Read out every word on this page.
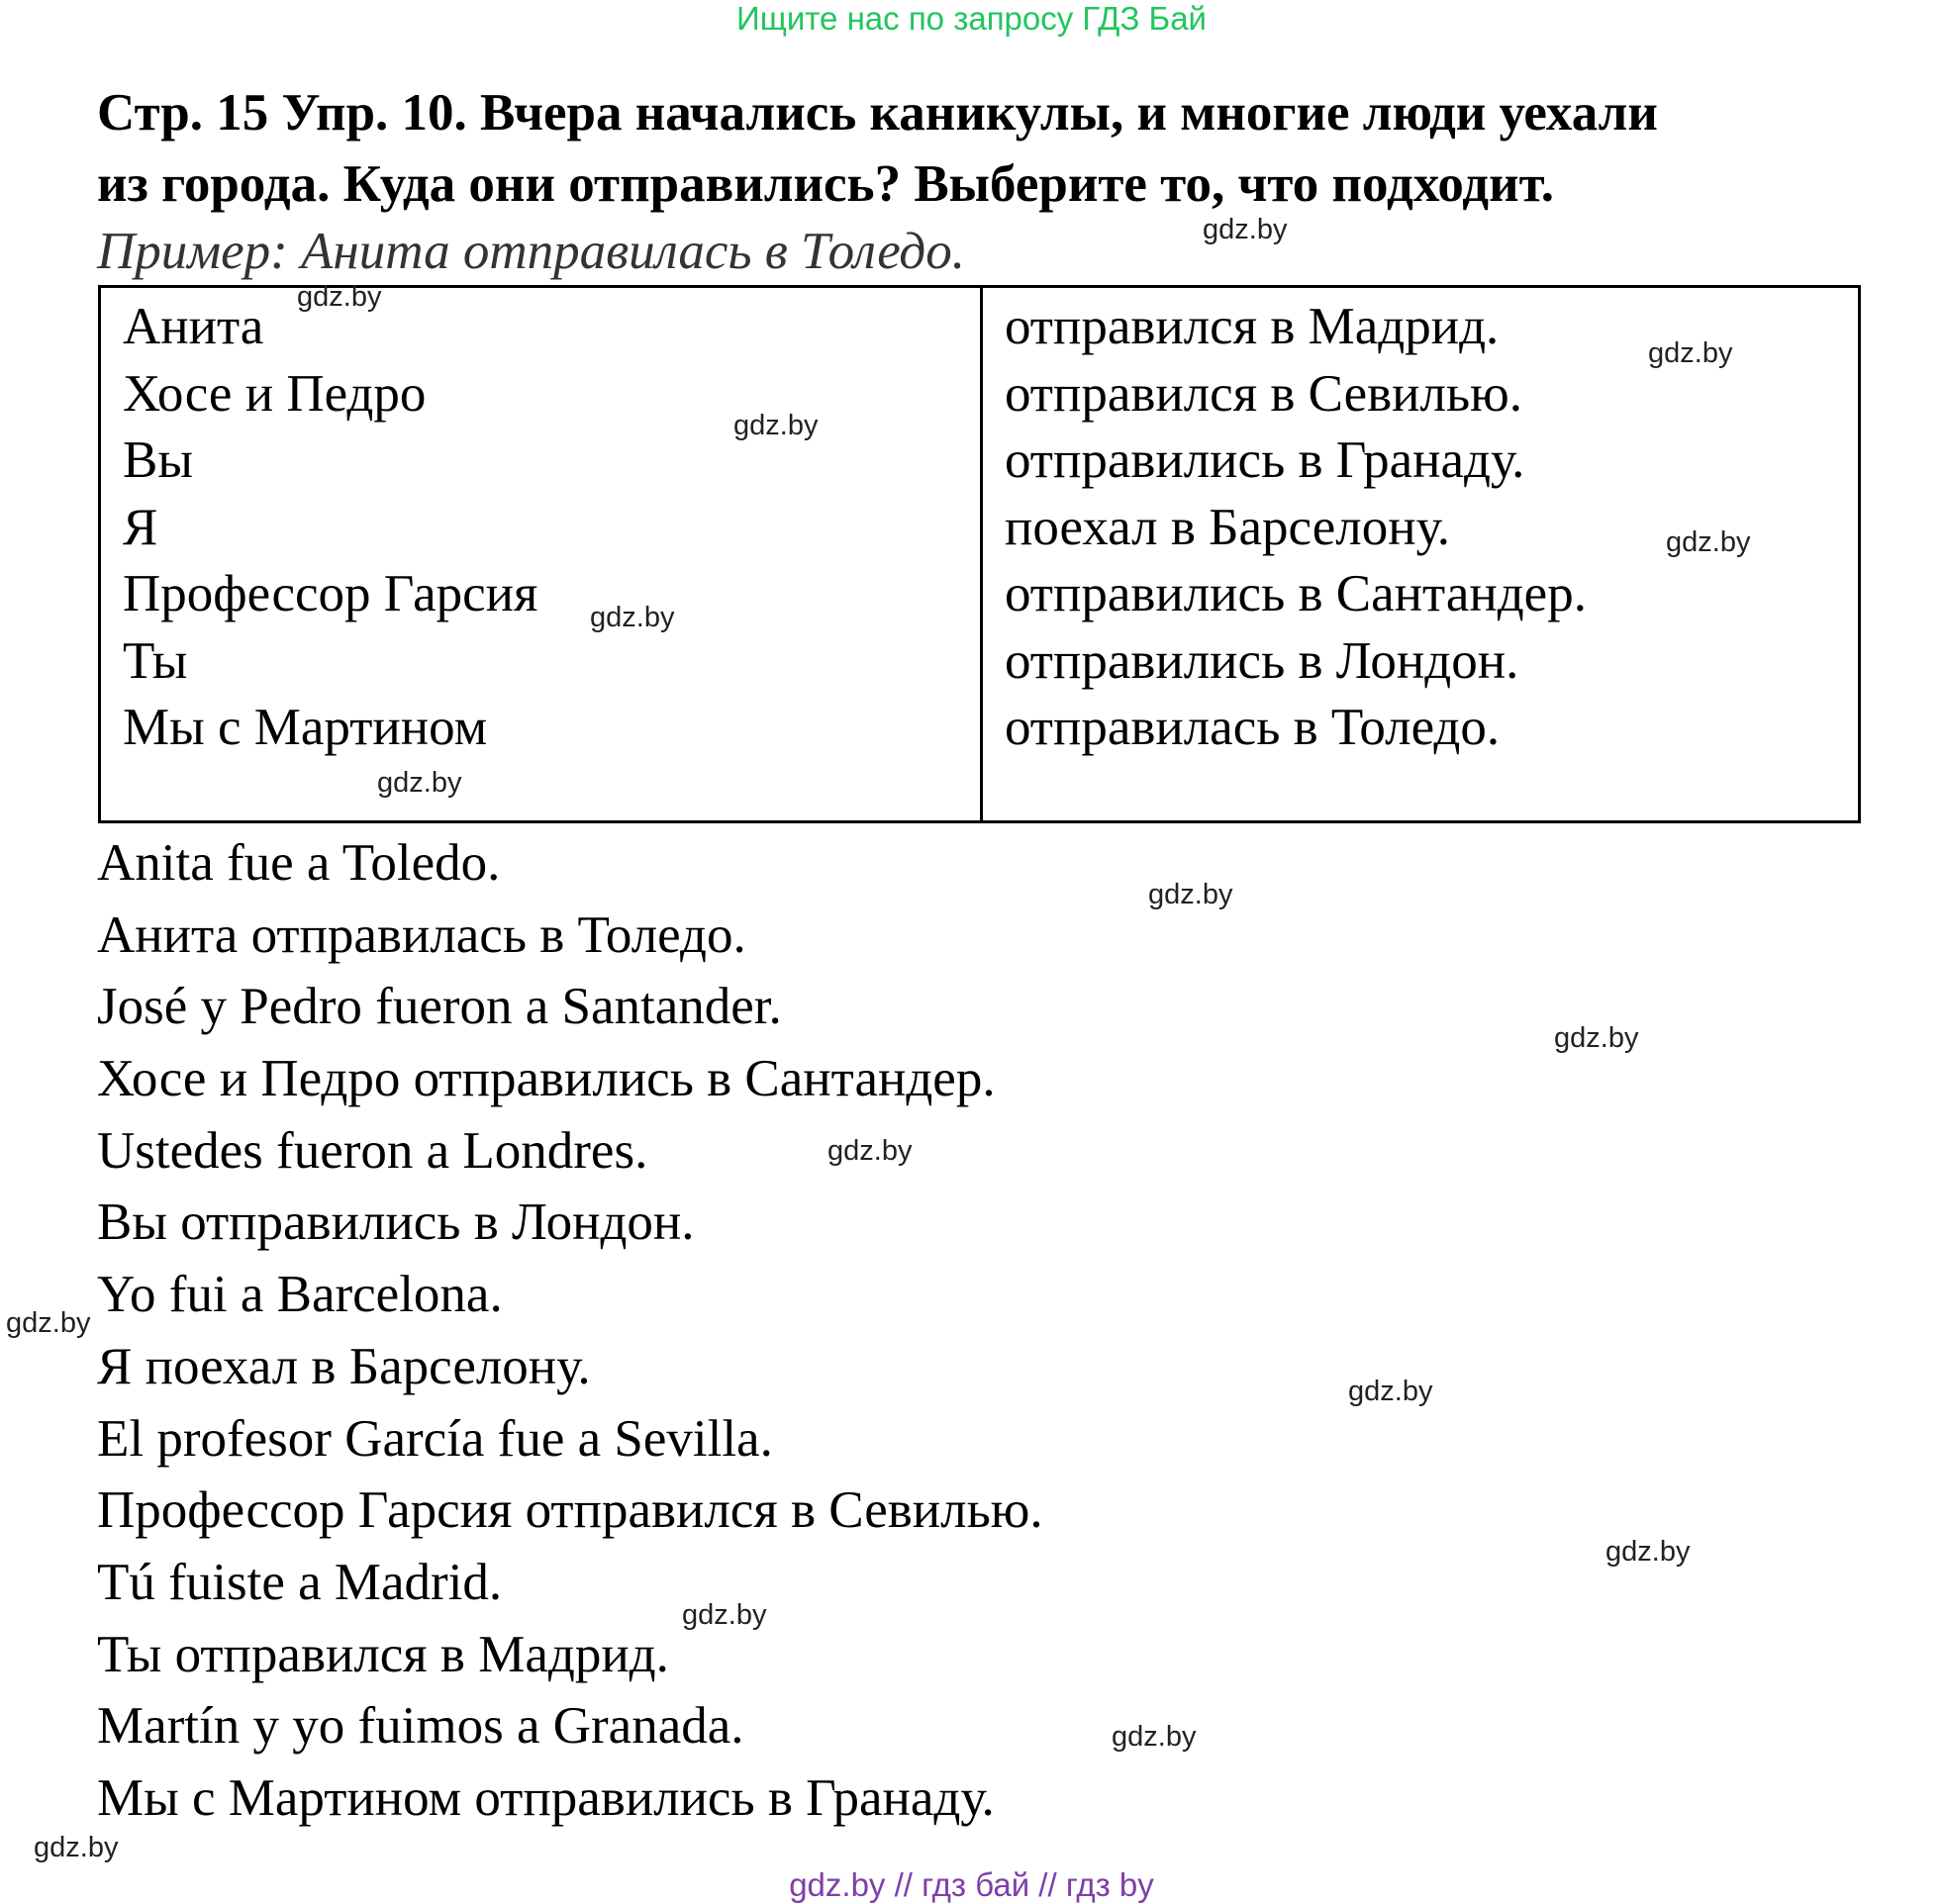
Ищите нас по запросу ГДЗ Бай
Стр. 15 Упр. 10. Вчера начались каникулы, и многие люди уехали
из города. Куда они отправились? Выберите то, что подходит.
Пример: Анита отправилась в Толедо.
Анита
Хосе и Педро
Вы
Я
Профессор Гарсия
Ты
Мы с Мартином
отправился в Мадрид.
отправился в Севилью.
отправились в Гранаду.
поехал в Барселону.
отправились в Сантандер.
отправились в Лондон.
отправилась в Толедо.
Anita fue a Toledo.
Анита отправилась в Толедо.
José y Pedro fueron a Santander.
Хосе и Педро отправились в Сантандер.
Ustedes fueron a Londres.
Вы отправились в Лондон.
Yo fui a Barcelona.
Я поехал в Барселону.
El profesor García fue a Sevilla.
Профессор Гарсия отправился в Севилью.
Tú fuiste a Madrid.
Ты отправился в Мадрид.
Martín y yo fuimos a Granada.
Мы с Мартином отправились в Гранаду.
gdz.by
gdz.by
gdz.by
gdz.by
gdz.by
gdz.by
gdz.by
gdz.by
gdz.by
gdz.by
gdz.by
gdz.by
gdz.by
gdz.by
gdz.by
gdz.by
gdz.by // гдз бай // гдз by
